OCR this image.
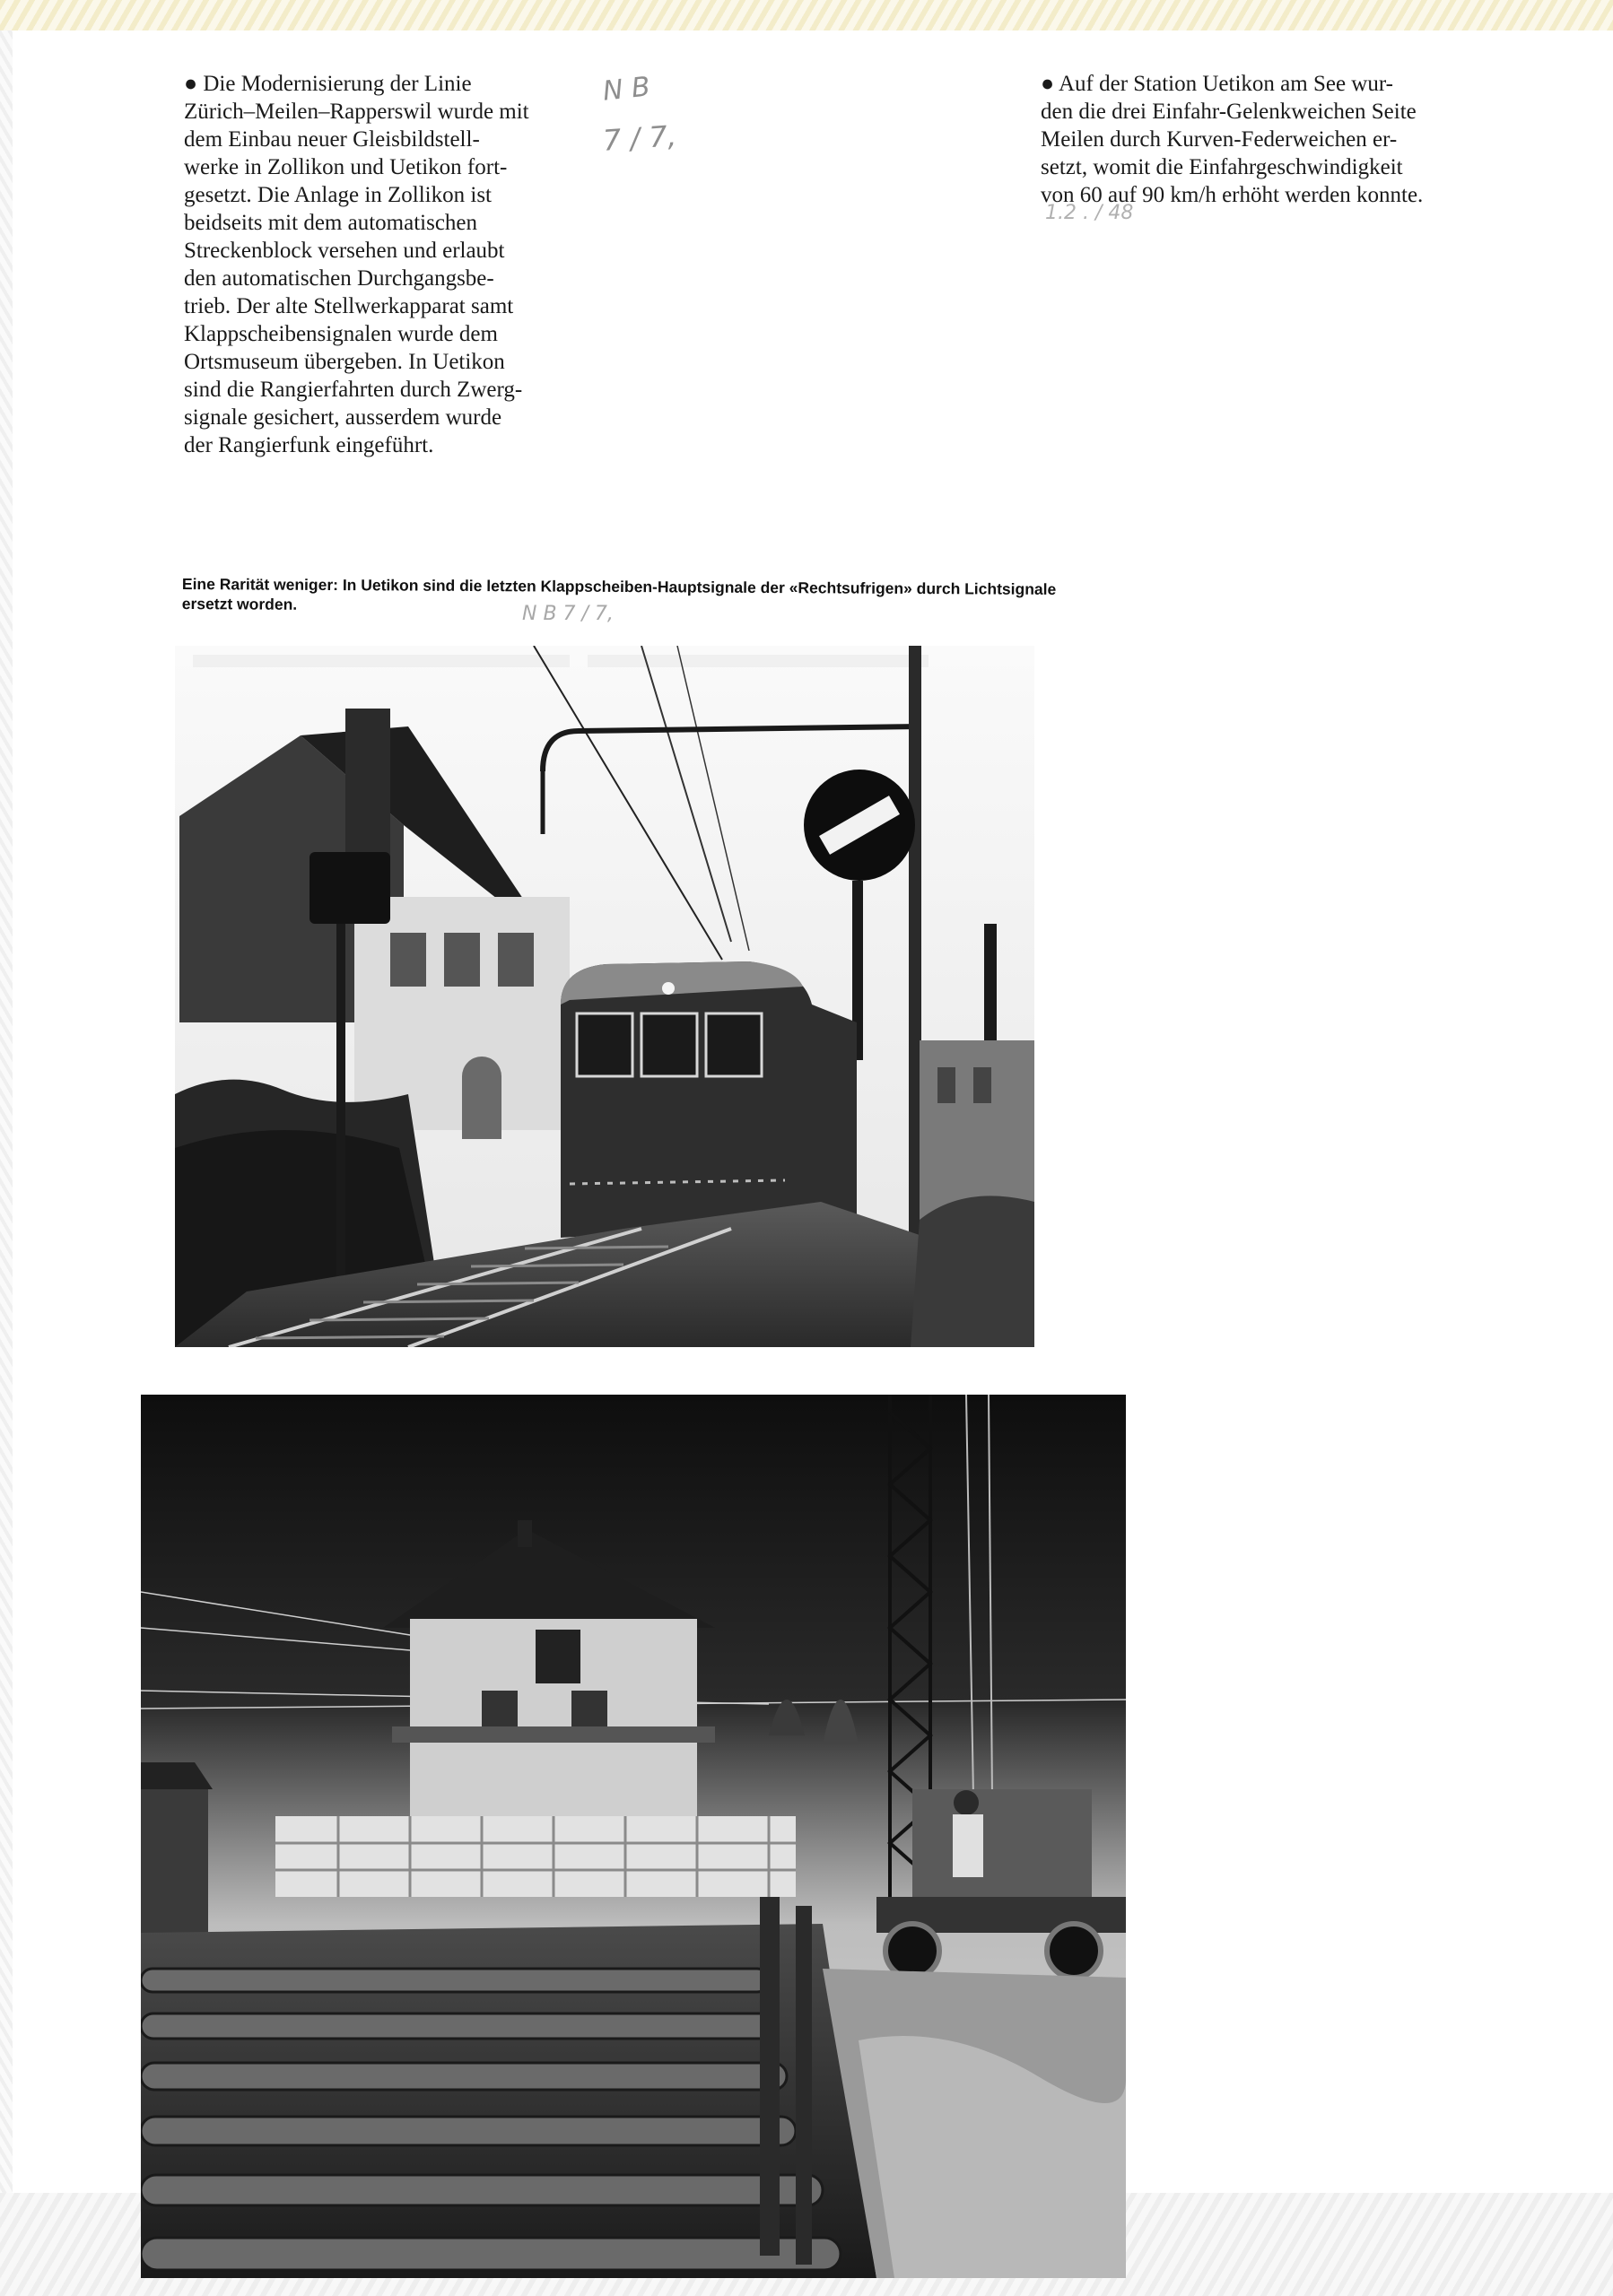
● Die Modernisierung der Linie
Zürich–Meilen–Rapperswil wurde mit
dem Einbau neuer Gleisbildstell-
werke in Zollikon und Uetikon fort-
gesetzt. Die Anlage in Zollikon ist
beidseits mit dem automatischen
Streckenblock versehen und erlaubt
den automatischen Durchgangsbe-
trieb. Der alte Stellwerkapparat samt
Klappscheibensignalen wurde dem
Ortsmuseum übergeben. In Uetikon
sind die Rangierfahrten durch Zwerg-
signale gesichert, ausserdem wurde
der Rangierfunk eingeführt.
● Auf der Station Uetikon am See wur-
den die drei Einfahr-Gelenkweichen Seite
Meilen durch Kurven-Federweichen er-
setzt, womit die Einfahrgeschwindigkeit
von 60 auf 90 km/h erhöht werden konnte.
N B
7 / 7,
1.2 . / 48
Eine Rarität weniger: In Uetikon sind die letzten Klappscheiben-Hauptsignale der «Rechtsufrigen» durch Lichtsignale ersetzt worden.	N B 7 / 7,
